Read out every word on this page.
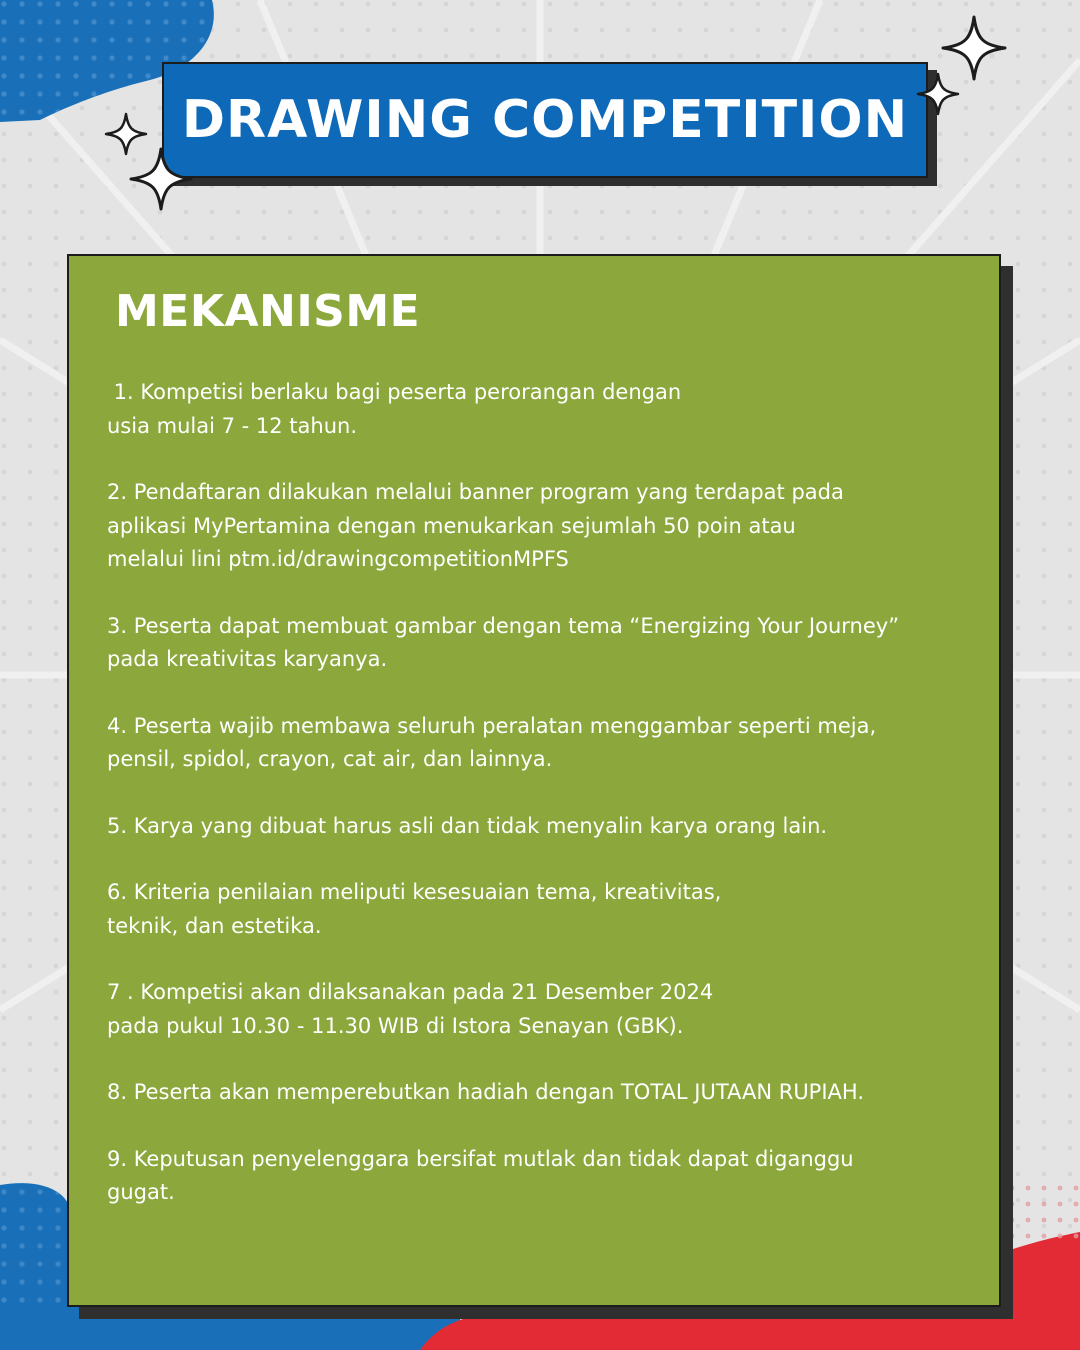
DRAWING COMPETITION
MEKANISME
1. Kompetisi berlaku bagi peserta perorangan dengan
usia mulai 7 - 12 tahun.
2. Pendaftaran dilakukan melalui banner program yang terdapat pada
aplikasi MyPertamina dengan menukarkan sejumlah 50 poin atau
melalui lini ptm.id/drawingcompetitionMPFS
3. Peserta dapat membuat gambar dengan tema “Energizing Your Journey”
pada kreativitas karyanya.
4. Peserta wajib membawa seluruh peralatan menggambar seperti meja,
pensil, spidol, crayon, cat air, dan lainnya.
5. Karya yang dibuat harus asli dan tidak menyalin karya orang lain.
6. Kriteria penilaian meliputi kesesuaian tema, kreativitas,
teknik, dan estetika.
7 . Kompetisi akan dilaksanakan pada 21 Desember 2024
pada pukul 10.30 - 11.30 WIB di Istora Senayan (GBK).
8. Peserta akan memperebutkan hadiah dengan TOTAL JUTAAN RUPIAH.
9. Keputusan penyelenggara bersifat mutlak dan tidak dapat diganggu
gugat.
